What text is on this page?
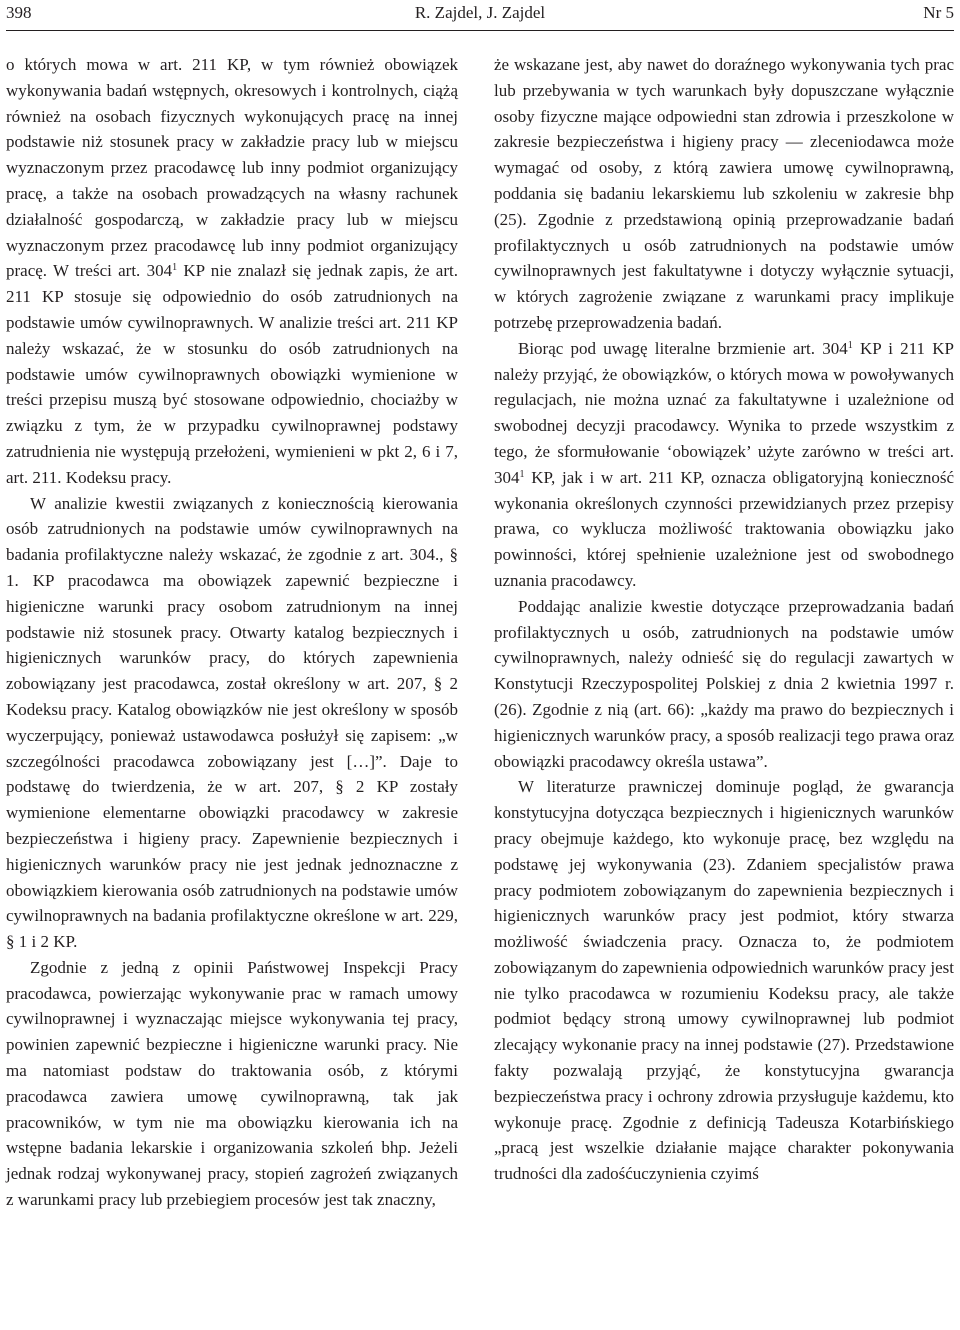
398	R. Zajdel, J. Zajdel	Nr 5

o których mowa w art. 211 KP, w tym również obowiązek wykonywania badań wstępnych, okresowych i kontrolnych, ciążą również na osobach fizycznych wykonujących pracę na innej podstawie niż stosunek pracy w zakładzie pracy lub w miejscu wyznaczonym przez pracodawcę lub inny podmiot organizujący pracę, a także na osobach prowadzących na własny rachunek działalność gospodarczą, w zakładzie pracy lub w miejscu wyznaczonym przez pracodawcę lub inny podmiot organizujący pracę. W treści art. $304^1$ KP nie znalazł się jednak zapis, że art. 211 KP stosuje się odpowiednio do osób zatrudnionych na podstawie umów cywilnoprawnych. W analizie treści art. 211 KP należy wskazać, że w stosunku do osób zatrudnionych na podstawie umów cywilnoprawnych obowiązki wymienione w treści przepisu muszą być stosowane odpowiednio, chociażby w związku z tym, że w przypadku cywilnoprawnej podstawy zatrudnienia nie występują przełożeni, wymienieni w pkt 2, 6 i 7, art. 211. Kodeksu pracy.

W analizie kwestii związanych z koniecznością kierowania osób zatrudnionych na podstawie umów cywilnoprawnych na badania profilaktyczne należy wskazać, że zgodnie z art. 304., § 1. KP pracodawca ma obowiązek zapewnić bezpieczne i higieniczne warunki pracy osobom zatrudnionym na innej podstawie niż stosunek pracy. Otwarty katalog bezpiecznych i higienicznych warunków pracy, do których zapewnienia zobowiązany jest pracodawca, został określony w art. 207, § 2 Kodeksu pracy. Katalog obowiązków nie jest określony w sposób wyczerpujący, ponieważ ustawodawca posłużył się zapisem: „w szczególności pracodawca zobowiązany jest […]”. Daje to podstawę do twierdzenia, że w art. 207, § 2 KP zostały wymienione elementarne obowiązki pracodawcy w zakresie bezpieczeństwa i higieny pracy. Zapewnienie bezpiecznych i higienicznych warunków pracy nie jest jednak jednoznaczne z obowiązkiem kierowania osób zatrudnionych na podstawie umów cywilnoprawnych na badania profilaktyczne określone w art. 229, § 1 i 2 KP.

Zgodnie z jedną z opinii Państwowej Inspekcji Pracy pracodawca, powierzając wykonywanie prac w ramach umowy cywilnoprawnej i wyznaczając miejsce wykonywania tej pracy, powinien zapewnić bezpieczne i higieniczne warunki pracy. Nie ma natomiast podstaw do traktowania osób, z którymi pracodawca zawiera umowę cywilnoprawną, tak jak pracowników, w tym nie ma obowiązku kierowania ich na wstępne badania lekarskie i organizowania szkoleń bhp. Jeżeli jednak rodzaj wykonywanej pracy, stopień zagrożeń związanych z warunkami pracy lub przebiegiem procesów jest tak znaczny,

że wskazane jest, aby nawet do doraźnego wykonywania tych prac lub przebywania w tych warunkach były dopuszczane wyłącznie osoby fizyczne mające odpowiedni stan zdrowia i przeszkolone w zakresie bezpieczeństwa i higieny pracy — zleceniodawca może wymagać od osoby, z którą zawiera umowę cywilnoprawną, poddania się badaniu lekarskiemu lub szkoleniu w zakresie bhp (25). Zgodnie z przedstawioną opinią przeprowadzanie badań profilaktycznych u osób zatrudnionych na podstawie umów cywilnoprawnych jest fakultatywne i dotyczy wyłącznie sytuacji, w których zagrożenie związane z warunkami pracy implikuje potrzebę przeprowadzenia badań.

Biorąc pod uwagę literalne brzmienie art. $304^1$ KP i 211 KP należy przyjąć, że obowiązków, o których mowa w powoływanych regulacjach, nie można uznać za fakultatywne i uzależnione od swobodnej decyzji pracodawcy. Wynika to przede wszystkim z tego, że sformułowanie ‘obowiązek’ użyte zarówno w treści art. $304^1$ KP, jak i w art. 211 KP, oznacza obligatoryjną konieczność wykonania określonych czynności przewidzianych przez przepisy prawa, co wyklucza możliwość traktowania obowiązku jako powinności, której spełnienie uzależnione jest od swobodnego uznania pracodawcy.

Poddając analizie kwestie dotyczące przeprowadzania badań profilaktycznych u osób, zatrudnionych na podstawie umów cywilnoprawnych, należy odnieść się do regulacji zawartych w Konstytucji Rzeczypospolitej Polskiej z dnia 2 kwietnia 1997 r. (26). Zgodnie z nią (art. 66): „każdy ma prawo do bezpiecznych i higienicznych warunków pracy, a sposób realizacji tego prawa oraz obowiązki pracodawcy określa ustawa”.

W literaturze prawniczej dominuje pogląd, że gwarancja konstytucyjna dotycząca bezpiecznych i higienicznych warunków pracy obejmuje każdego, kto wykonuje pracę, bez względu na podstawę jej wykonywania (23). Zdaniem specjalistów prawa pracy podmiotem zobowiązanym do zapewnienia bezpiecznych i higienicznych warunków pracy jest podmiot, który stwarza możliwość świadczenia pracy. Oznacza to, że podmiotem zobowiązanym do zapewnienia odpowiednich warunków pracy jest nie tylko pracodawca w rozumieniu Kodeksu pracy, ale także podmiot będący stroną umowy cywilnoprawnej lub podmiot zlecający wykonanie pracy na innej podstawie (27). Przedstawione fakty pozwalają przyjąć, że konstytucyjna gwarancja bezpieczeństwa pracy i ochrony zdrowia przysługuje każdemu, kto wykonuje pracę. Zgodnie z definicją Tadeusza Kotarbińskiego „pracą jest wszelkie działanie mające charakter pokonywania trudności dla zadośćuczynienia czyimś
